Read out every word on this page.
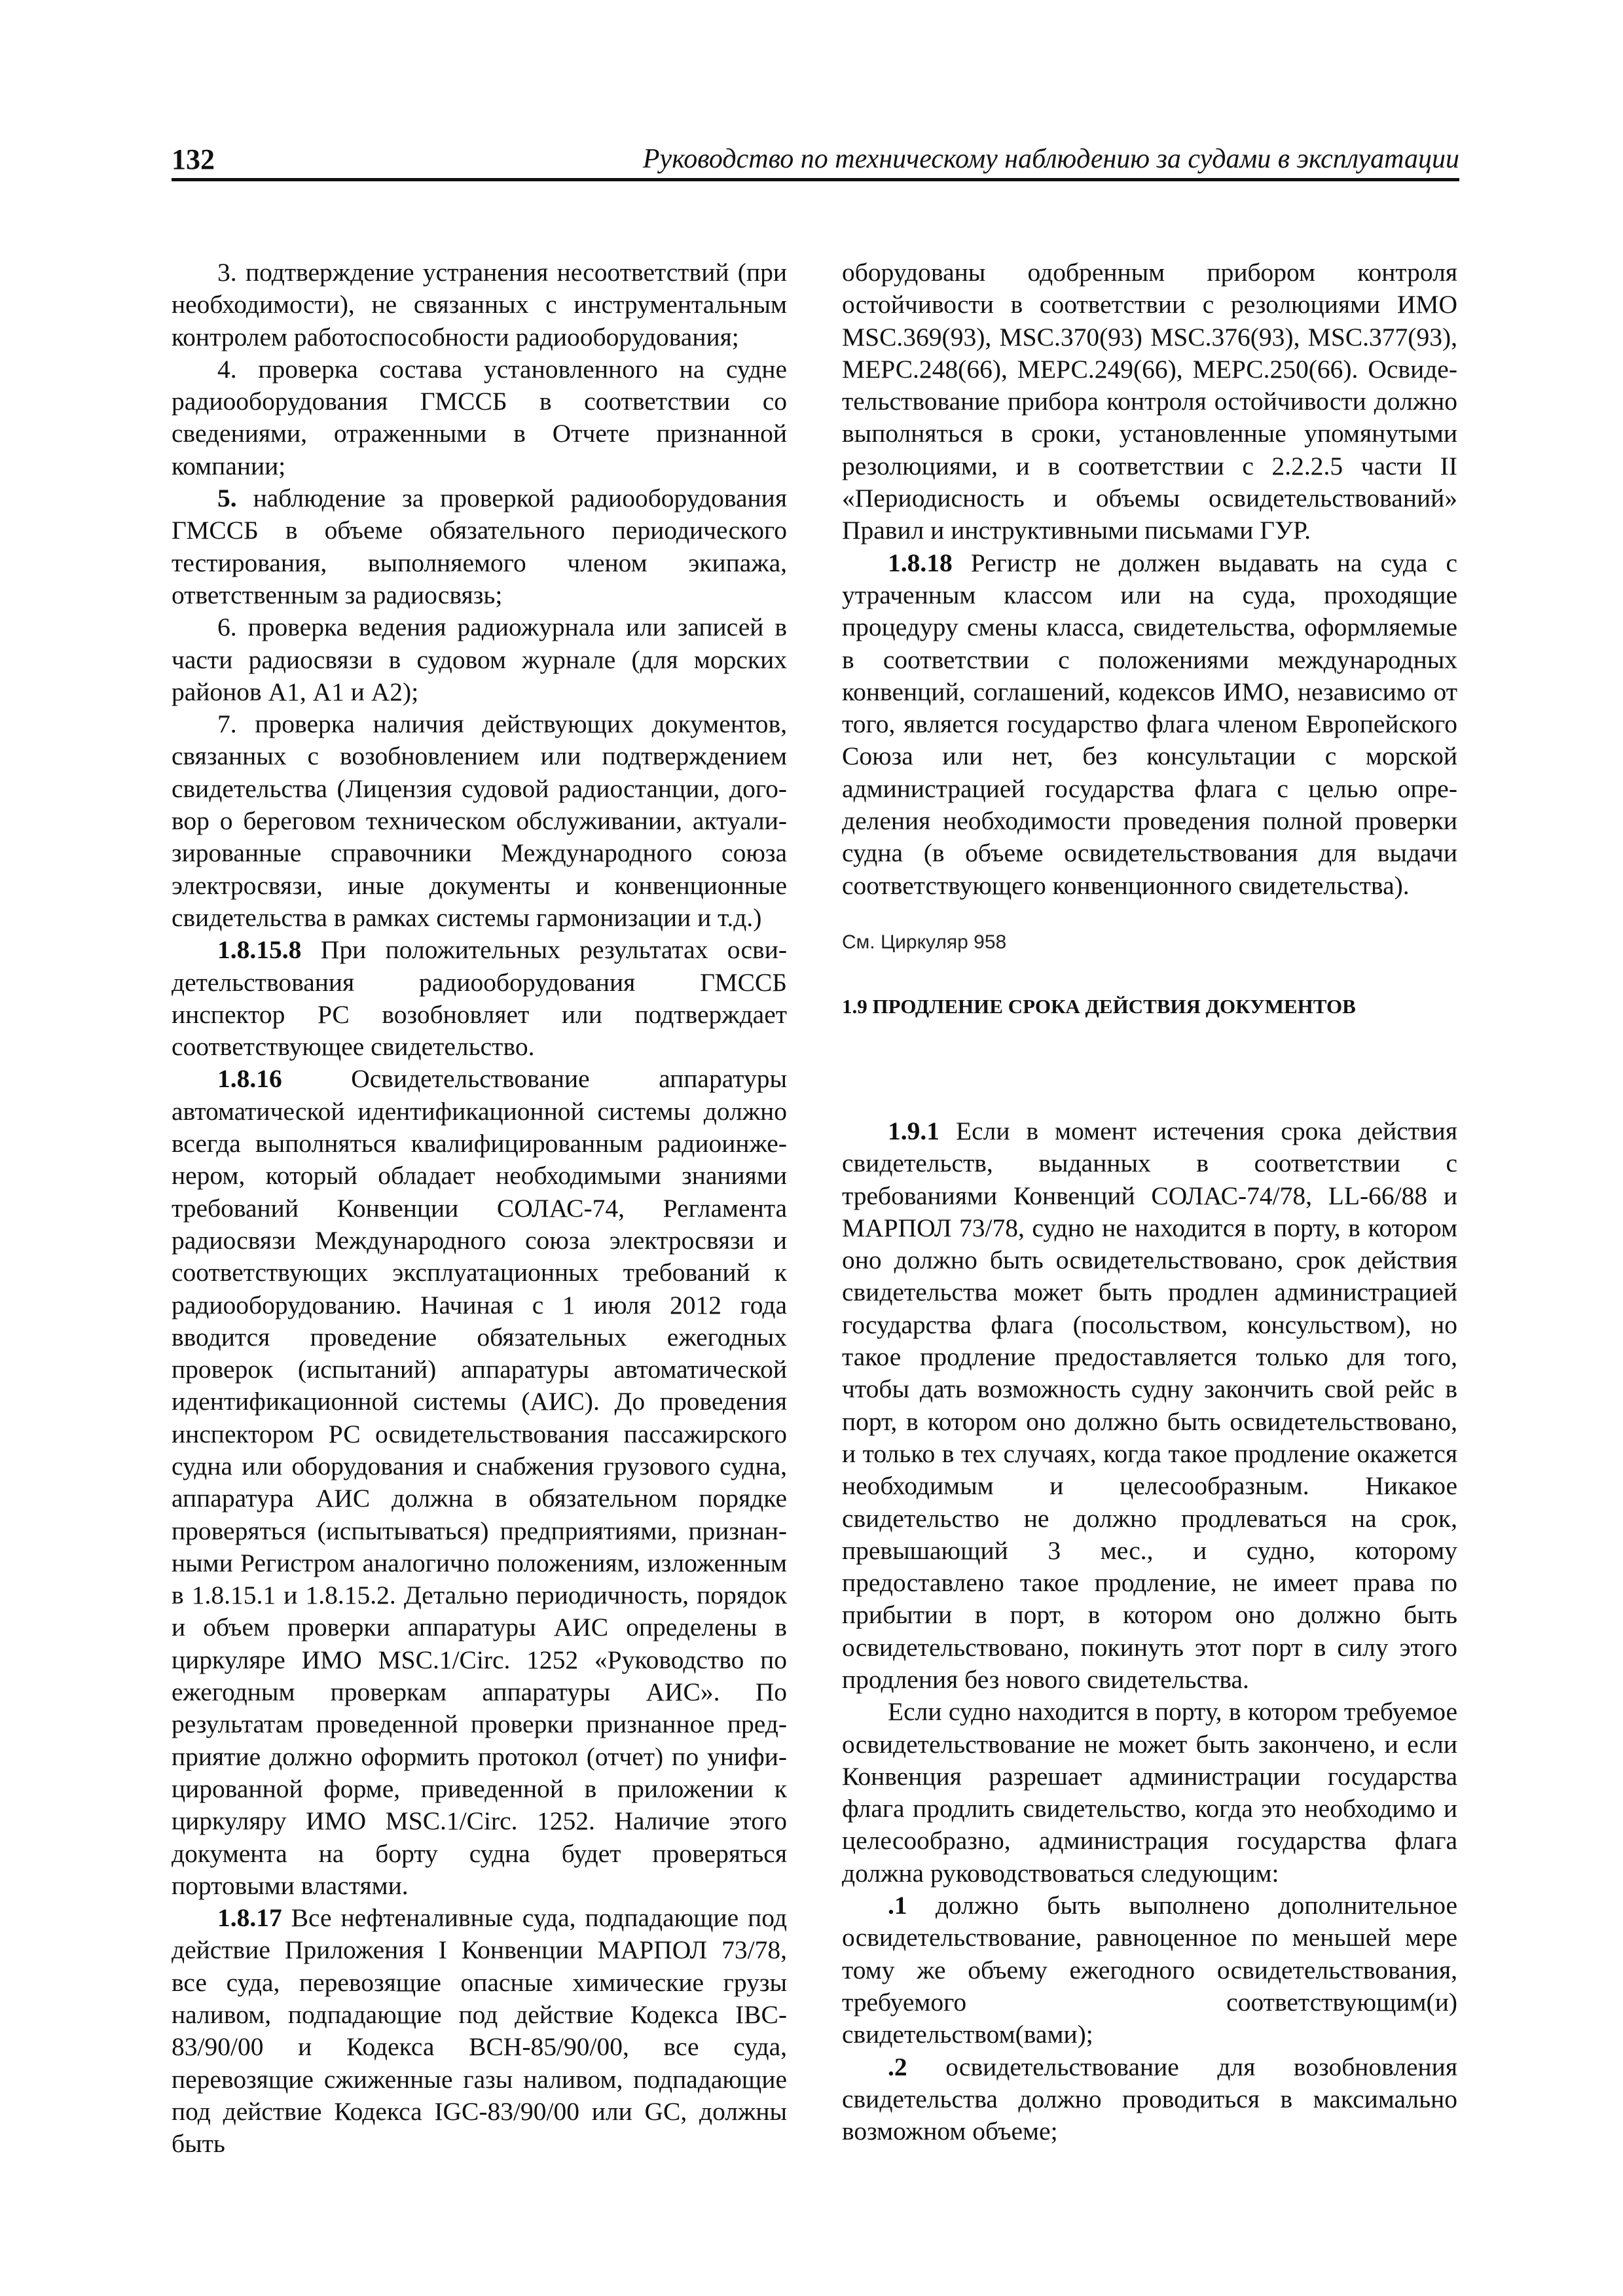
132	Руководство по техническому наблюдению за судами в эксплуатации

3. подтверждение устранения несоответствий (при необходимости), не связанных с инструментальным контролем работоспособности радиооборудования;

4. проверка состава установленного на судне радиооборудования ГМССБ в соответствии со сведениями, отраженными в Отчете признанной компании;

5. наблюдение за проверкой радиооборудования ГМССБ в объеме обязательного периодического тестирования, выполняемого членом экипажа, ответственным за радиосвязь;

6. проверка ведения радиожурнала или записей в части радиосвязи в судовом журнале (для морских районов А1, А1 и А2);

7. проверка наличия действующих документов, связанных с возобновлением или подтверждением свидетельства (Лицензия судовой радиостанции, договор о береговом техническом обслуживании, актуализированные справочники Международного союза электросвязи, иные документы и конвенционные свидетельства в рамках системы гармонизации и т.д.)

1.8.15.8 При положительных результатах освидетельствования радиооборудования ГМССБ инспектор РС возобновляет или подтверждает соответствующее свидетельство.

1.8.16 Освидетельствование аппаратуры автоматической идентификационной системы должно всегда выполняться квалифицированным радиоинженером, который обладает необходимыми знаниями требований Конвенции СОЛАС-74, Регламента радиосвязи Международного союза электросвязи и соответствующих эксплуатационных требований к радиооборудованию. Начиная с 1 июля 2012 года вводится проведение обязательных ежегодных проверок (испытаний) аппаратуры автоматической идентификационной системы (АИС). До проведения инспектором РС освидетельствования пассажирского судна или оборудования и снабжения грузового судна, аппаратура АИС должна в обязательном порядке проверяться (испытываться) предприятиями, признанными Регистром аналогично положениям, изложенным в 1.8.15.1 и 1.8.15.2. Детально периодичность, порядок и объем проверки аппаратуры АИС определены в циркуляре ИМО MSC.1/Circ. 1252 «Руководство по ежегодным проверкам аппаратуры АИС». По результатам проведенной проверки признанное предприятие должно оформить протокол (отчет) по унифицированной форме, приведенной в приложении к циркуляру ИМО MSC.1/Circ. 1252. Наличие этого документа на борту судна будет проверяться портовыми властями.

1.8.17 Все нефтеналивные суда, подпадающие под действие Приложения I Конвенции МАРПОЛ 73/78, все суда, перевозящие опасные химические грузы наливом, подпадающие под действие Кодекса IBC-83/90/00 и Кодекса BCH-85/90/00, все суда, перевозящие сжиженные газы наливом, подпадающие под действие Кодекса IGC-83/90/00 или GC, должны быть

оборудованы одобренным прибором контроля остойчивости в соответствии с резолюциями ИМО MSC.369(93), MSC.370(93) MSC.376(93), MSC.377(93), МЕРС.248(66), МЕРС.249(66), МЕРС.250(66). Освидетельствование прибора контроля остойчивости должно выполняться в сроки, установленные упомянутыми резолюциями, и в соответствии с 2.2.2.5 части II «Периодисность и объемы освидетельствований» Правил и инструктивными письмами ГУР.

1.8.18 Регистр не должен выдавать на суда с утраченным классом или на суда, проходящие процедуру смены класса, свидетельства, оформляемые в соответствии с положениями международных конвенций, соглашений, кодексов ИМО, независимо от того, является государство флага членом Европейского Союза или нет, без консультации с морской администрацией государства флага с целью определения необходимости проведения полной проверки судна (в объеме освидетельствования для выдачи соответствующего конвенционного свидетельства).

См. Циркуляр 958

1.9 ПРОДЛЕНИЕ СРОКА ДЕЙСТВИЯ ДОКУМЕНТОВ

1.9.1 Если в момент истечения срока действия свидетельств, выданных в соответствии с требованиями Конвенций СОЛАС-74/78, LL-66/88 и МАРПОЛ 73/78, судно не находится в порту, в котором оно должно быть освидетельствовано, срок действия свидетельства может быть продлен администрацией государства флага (посольством, консульством), но такое продление предоставляется только для того, чтобы дать возможность судну закончить свой рейс в порт, в котором оно должно быть освидетельствовано, и только в тех случаях, когда такое продление окажется необходимым и целесообразным. Никакое свидетельство не должно продлеваться на срок, превышающий 3 мес., и судно, которому предоставлено такое продление, не имеет права по прибытии в порт, в котором оно должно быть освидетельствовано, покинуть этот порт в силу этого продления без нового свидетельства.

Если судно находится в порту, в котором требуемое освидетельствование не может быть закончено, и если Конвенция разрешает администрации государства флага продлить свидетельство, когда это необходимо и целесообразно, администрация государства флага должна руководствоваться следующим:

.1 должно быть выполнено дополнительное освидетельствование, равноценное по меньшей мере тому же объему ежегодного освидетельствования, требуемого соответствующим(и) свидетельством(вами);

.2 освидетельствование для возобновления свидетельства должно проводиться в максимально возможном объеме;
